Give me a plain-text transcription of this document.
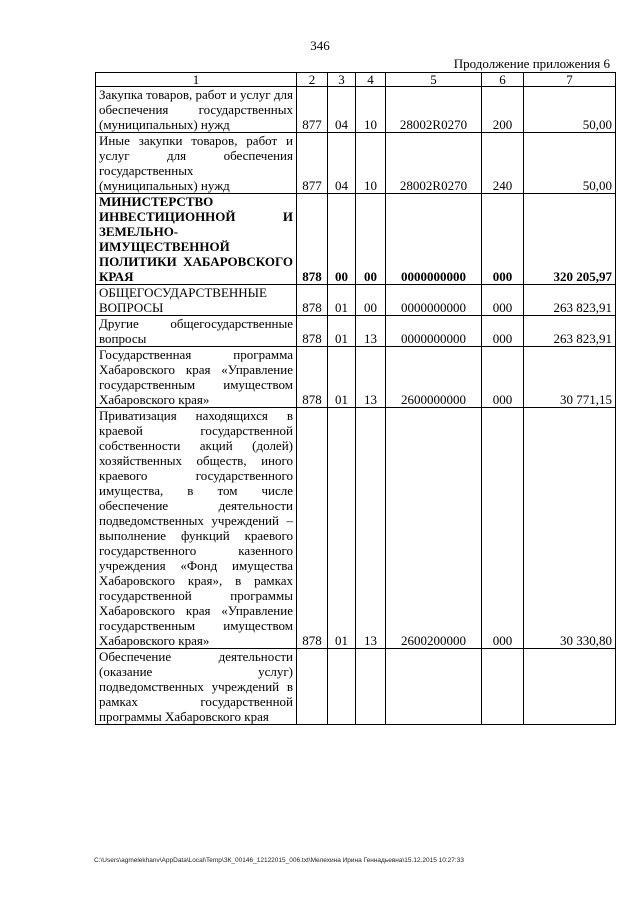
346
Продолжение приложения 6
1	2	3	4	5	6	7
Закупка товаров, работ и услуг для обеспечения государственных (муниципальных) нужд	877	04	10	28002R0270	200	50,00
Иные закупки товаров, работ и услуг для обеспечения государственных (муниципальных) нужд	877	04	10	28002R0270	240	50,00
МИНИСТЕРСТВО ИНВЕСТИЦИОННОЙ И ЗЕМЕЛЬНО-ИМУЩЕСТВЕННОЙ ПОЛИТИКИ ХАБАРОВСКОГО КРАЯ	878	00	00	0000000000	000	320 205,97
ОБЩЕГОСУДАРСТВЕННЫЕ ВОПРОСЫ	878	01	00	0000000000	000	263 823,91
Другие общегосударственные вопросы	878	01	13	0000000000	000	263 823,91
Государственная программа Хабаровского края «Управление государственным имуществом Хабаровского края»	878	01	13	2600000000	000	30 771,15
Приватизация находящихся в краевой государственной собственности акций (долей) хозяйственных обществ, иного краевого государственного имущества, в том числе обеспечение деятельности подведомственных учреждений – выполнение функций краевого государственного казенного учреждения «Фонд имущества Хабаровского края», в рамках государственной программы Хабаровского края «Управление государственным имуществом Хабаровского края»	878	01	13	2600200000	000	30 330,80
Обеспечение деятельности (оказание услуг) подведомственных учреждений в рамках государственной программы Хабаровского края						
C:\Users\agmelekhanv\AppData\Local\Temp\ЗК_00146_12122015_006.txt\Мелехина Ирина Геннадьевна\15.12.2015 10:27:33
